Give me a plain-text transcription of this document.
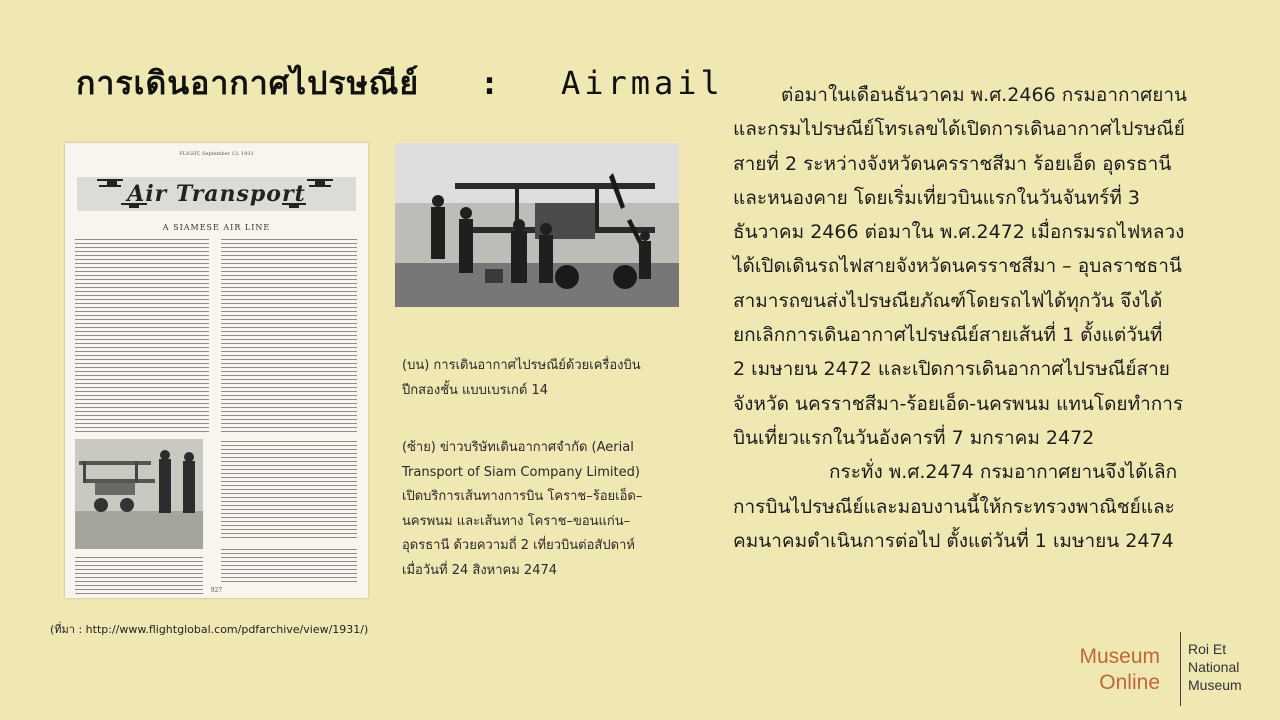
การเดินอากาศไปรษณีย์ : Airmail
FLIGHT, September 13, 1931
Air Transport
A SIAMESE AIR LINE
927

(บน) การเดินอากาศไปรษณีย์ด้วยเครื่องบิน

ปีกสองชั้น แบบเบรเกต์ 14

(ซ้าย) ข่าวบริษัทเดินอากาศจำกัด (Aerial

Transport of Siam Company Limited)

เปิดบริการเส้นทางการบิน โคราช–ร้อยเอ็ด–

นครพนม และเส้นทาง โคราช–ขอนแก่น–

อุดรธานี ด้วยความถี่ 2 เที่ยวบินต่อสัปดาห์

เมื่อวันที่ 24 สิงหาคม 2474

ต่อมาในเดือนธันวาคม พ.ศ.2466 กรมอากาศยาน
และกรมไปรษณีย์โทรเลขได้เปิดการเดินอากาศไปรษณีย์
สายที่ 2 ระหว่างจังหวัดนครราชสีมา ร้อยเอ็ด อุดรธานี
และหนองคาย โดยเริ่มเที่ยวบินแรกในวันจันทร์ที่ 3
ธันวาคม 2466 ต่อมาใน พ.ศ.2472 เมื่อกรมรถไฟหลวง
ได้เปิดเดินรถไฟสายจังหวัดนครราชสีมา – อุบลราชธานี
สามารถขนส่งไปรษณียภัณฑ์โดยรถไฟได้ทุกวัน จึงได้
ยกเลิกการเดินอากาศไปรษณีย์สายเส้นที่ 1 ตั้งแต่วันที่
2 เมษายน 2472 และเปิดการเดินอากาศไปรษณีย์สาย
จังหวัด นครราชสีมา-ร้อยเอ็ด-นครพนม แทนโดยทำการ
บินเที่ยวแรกในวันอังคารที่ 7 มกราคม 2472
กระทั่ง พ.ศ.2474 กรมอากาศยานจึงได้เลิก
การบินไปรษณีย์และมอบงานนี้ให้กระทรวงพาณิชย์และ
คมนาคมดำเนินการต่อไป ตั้งแต่วันที่ 1 เมษายน 2474

(ที่มา : http://www.flightglobal.com/pdfarchive/view/1931/)

Museum
Online
Roi Et
National
Museum
